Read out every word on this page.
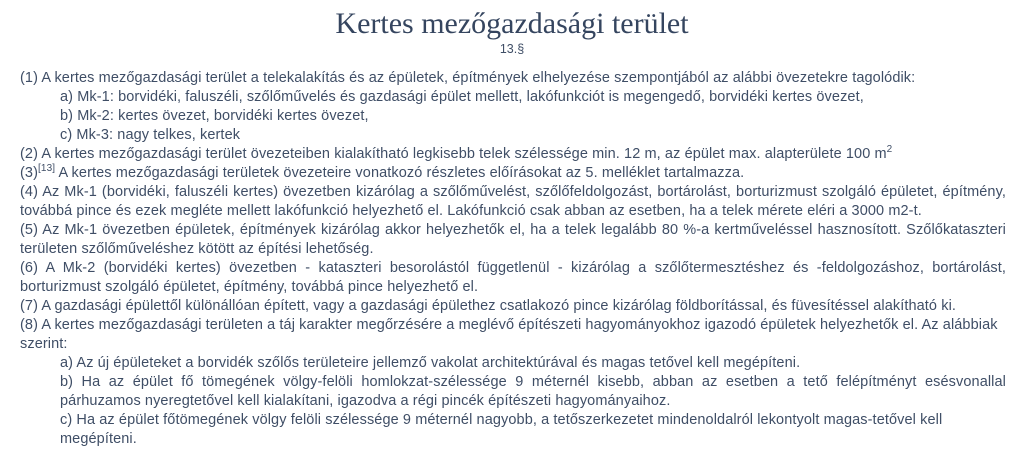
Kertes mezőgazdasági terület
13.§

(1) A kertes mezőgazdasági terület a telekalakítás és az épületek, építmények elhelyezése szempontjából az alábbi övezetekre tagolódik:

a) Mk-1: borvidéki, faluszéli, szőlőművelés és gazdasági épület mellett, lakófunkciót is megengedő, borvidéki kertes övezet,

b) Mk-2: kertes övezet, borvidéki kertes övezet,

c) Mk-3: nagy telkes, kertek

(2) A kertes mezőgazdasági terület övezeteiben kialakítható legkisebb telek szélessége min. 12 m, az épület max. alapterülete 100 $m^2$

(3)[13] A kertes mezőgazdasági területek övezeteire vonatkozó részletes előírásokat az 5. melléklet tartalmazza.

(4) Az Mk-1 (borvidéki, faluszéli kertes) övezetben kizárólag a szőlőművelést, szőlőfeldolgozást, bortárolást, borturizmust szolgáló épületet, építmény, továbbá pince és ezek megléte mellett lakófunkció helyezhető el. Lakófunkció csak abban az esetben, ha a telek mérete eléri a 3000 m2-t.

(5) Az Mk-1 övezetben épületek, építmények kizárólag akkor helyezhetők el, ha a telek legalább 80 %-a kertműveléssel hasznosított. Szőlőkataszteri területen szőlőműveléshez kötött az építési lehetőség.

(6) A Mk-2 (borvidéki kertes) övezetben - kataszteri besorolástól függetlenül - kizárólag a szőlőtermesztéshez és -feldolgozáshoz, bortárolást, borturizmust szolgáló épületet, építmény, továbbá pince helyezhető el.

(7) A gazdasági épülettől különállóan épített, vagy a gazdasági épülethez csatlakozó pince kizárólag földborítással, és füvesítéssel alakítható ki.

(8) A kertes mezőgazdasági területen a táj karakter megőrzésére a meglévő építészeti hagyományokhoz igazodó épületek helyezhetők el. Az alábbiak szerint:

a) Az új épületeket a borvidék szőlős területeire jellemző vakolat architektúrával és magas tetővel kell megépíteni.

b) Ha az épület fő tömegének völgy-felöli homlokzat-szélessége 9 méternél kisebb, abban az esetben a tető felépítményt esésvonallal párhuzamos nyeregtetővel kell kialakítani, igazodva a régi pincék építészeti hagyományaihoz.

c) Ha az épület főtömegének völgy felöli szélessége 9 méternél nagyobb, a tetőszerkezetet mindenoldalról lekontyolt magas-tetővel kell megépíteni.
